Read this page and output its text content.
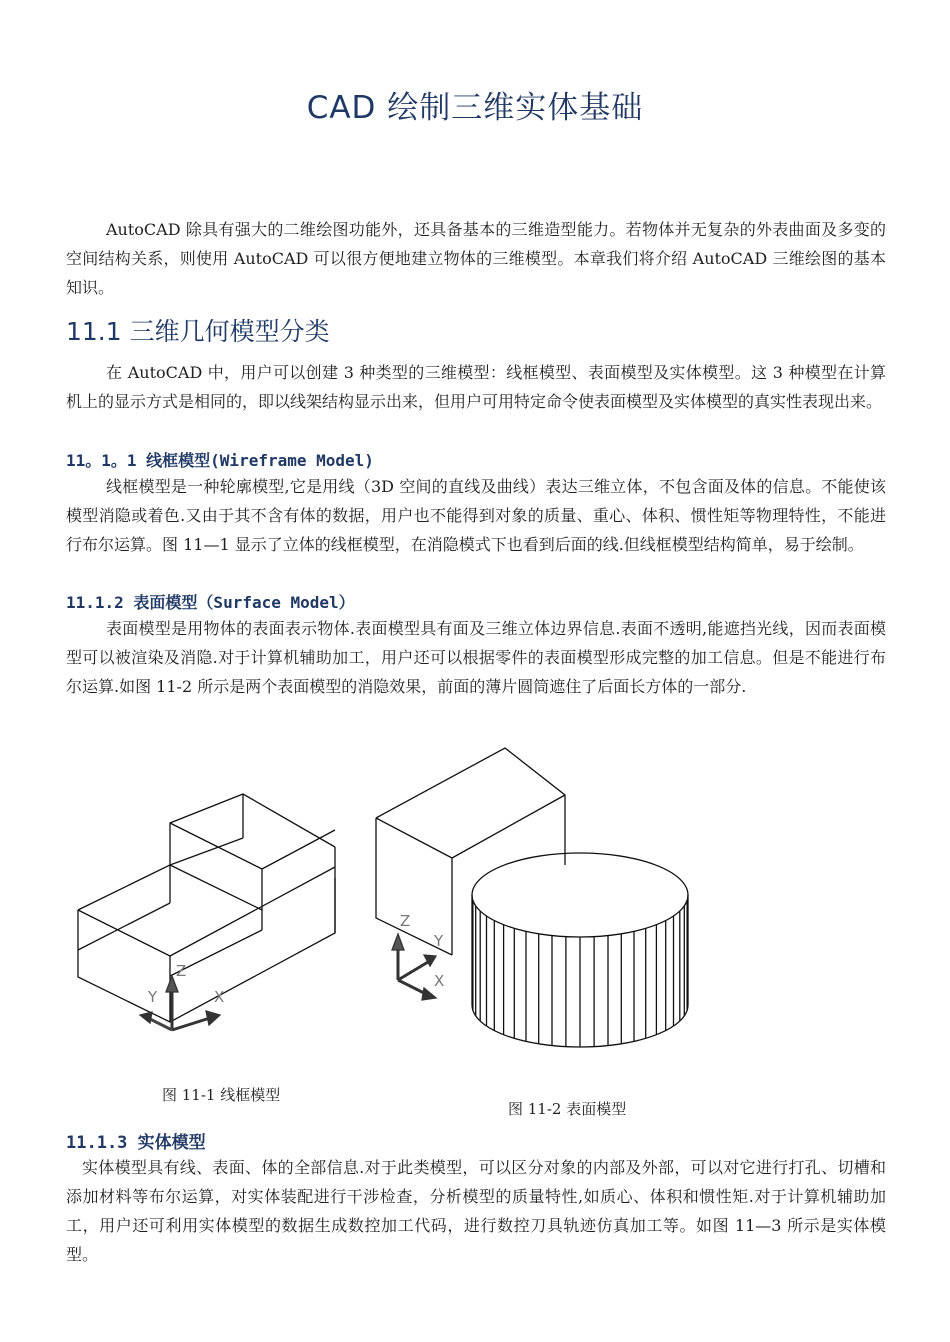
CAD 绘制三维实体基础
AutoCAD 除具有强大的二维绘图功能外，还具备基本的三维造型能力。若物体并无复杂的外表曲面及多变的空间结构关系，则使用 AutoCAD 可以很方便地建立物体的三维模型。本章我们将介绍 AutoCAD 三维绘图的基本知识。
11.1 三维几何模型分类
在 AutoCAD 中，用户可以创建 3 种类型的三维模型：线框模型、表面模型及实体模型。这 3 种模型在计算机上的显示方式是相同的，即以线架结构显示出来，但用户可用特定命令使表面模型及实体模型的真实性表现出来。
11。1。1 线框模型(Wireframe Model)
线框模型是一种轮廓模型,它是用线（3D 空间的直线及曲线）表达三维立体，不包含面及体的信息。不能使该模型消隐或着色.又由于其不含有体的数据，用户也不能得到对象的质量、重心、体积、惯性矩等物理特性，不能进行布尔运算。图 11—1 显示了立体的线框模型，在消隐模式下也看到后面的线.但线框模型结构简单，易于绘制。
11.1.2 表面模型（Surface Model）
表面模型是用物体的表面表示物体.表面模型具有面及三维立体边界信息.表面不透明,能遮挡光线，因而表面模型可以被渲染及消隐.对于计算机辅助加工，用户还可以根据零件的表面模型形成完整的加工信息。但是不能进行布尔运算.如图 11-2 所示是两个表面模型的消隐效果，前面的薄片圆筒遮住了后面长方体的一部分.
Z
Y	X
Z
Y
X
图 11-1 线框模型
图 11-2 表面模型
11.1.3 实体模型
实体模型具有线、表面、体的全部信息.对于此类模型，可以区分对象的内部及外部，可以对它进行打孔、切槽和添加材料等布尔运算，对实体装配进行干涉检查，分析模型的质量特性,如质心、体积和惯性矩.对于计算机辅助加工，用户还可利用实体模型的数据生成数控加工代码，进行数控刀具轨迹仿真加工等。如图 11—3 所示是实体模型。
